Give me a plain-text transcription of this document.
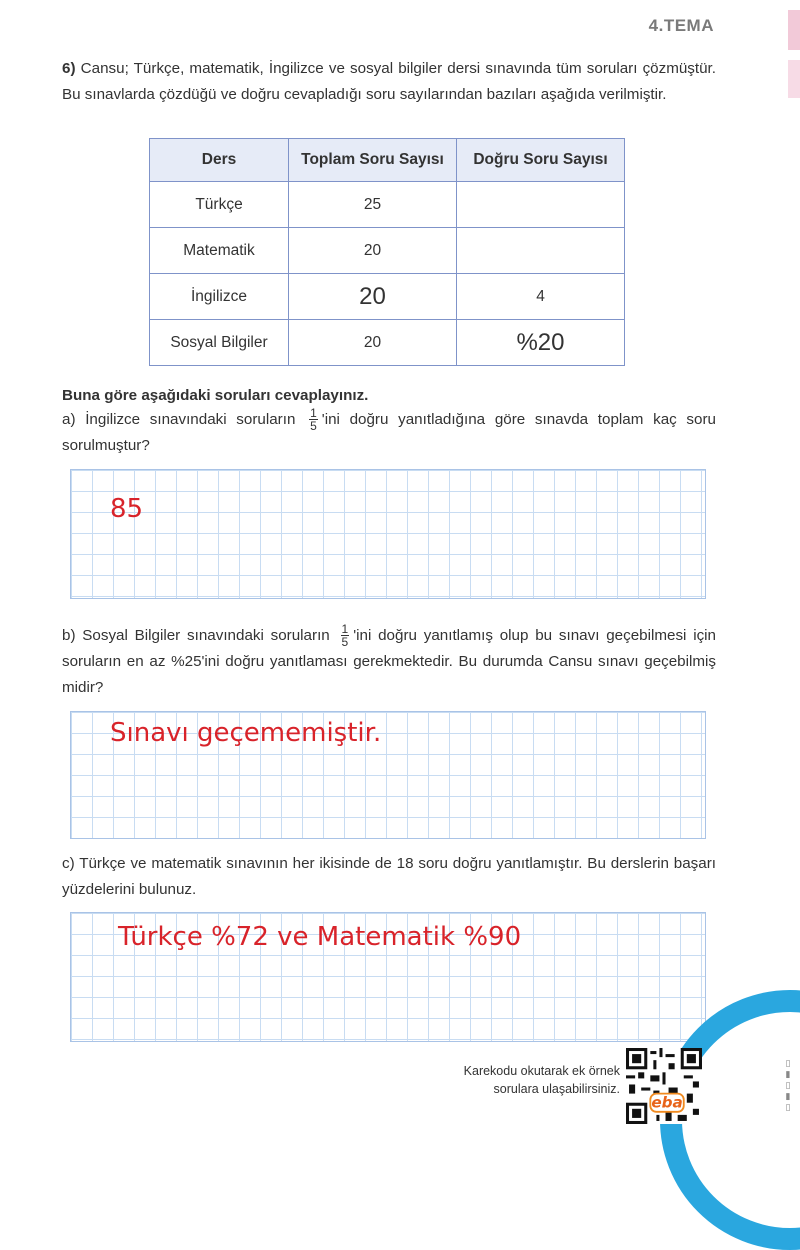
4.TEMA
6) Cansu; Türkçe, matematik, İngilizce ve sosyal bilgiler dersi sınavında tüm soruları çözmüştür. Bu sınavlarda çözdüğü ve doğru cevapladığı soru sayılarından bazıları aşağıda verilmiştir.
Ders	Toplam Soru Sayısı	Doğru Soru Sayısı
Türkçe	25	
Matematik	20	
İngilizce	20	4
Sosyal Bilgiler	20	%20
Buna göre aşağıdaki soruları cevaplayınız.
a) İngilizce sınavındaki soruların $\frac{1}{5}$ 'ini doğru yanıtladığına göre sınavda toplam kaç soru sorulmuştur?
85
b) Sosyal Bilgiler sınavındaki soruların $\frac{1}{5}$ 'ini doğru yanıtlamış olup bu sınavı geçebilmesi için soruların en az %25'ini doğru yanıtlaması gerekmektedir. Bu durumda Cansu sınavı geçebilmiş midir?
Sınavı geçememiştir.
c) Türkçe ve matematik sınavının her ikisinde de 18 soru doğru yanıtlamıştır. Bu derslerin başarı yüzdelerini bulunuz.
Türkçe %72 ve Matematik %90
Karekodu okutarak ek örnek sorulara ulaşabilirsiniz.
eba
▯
▮
▯
▮
▯
